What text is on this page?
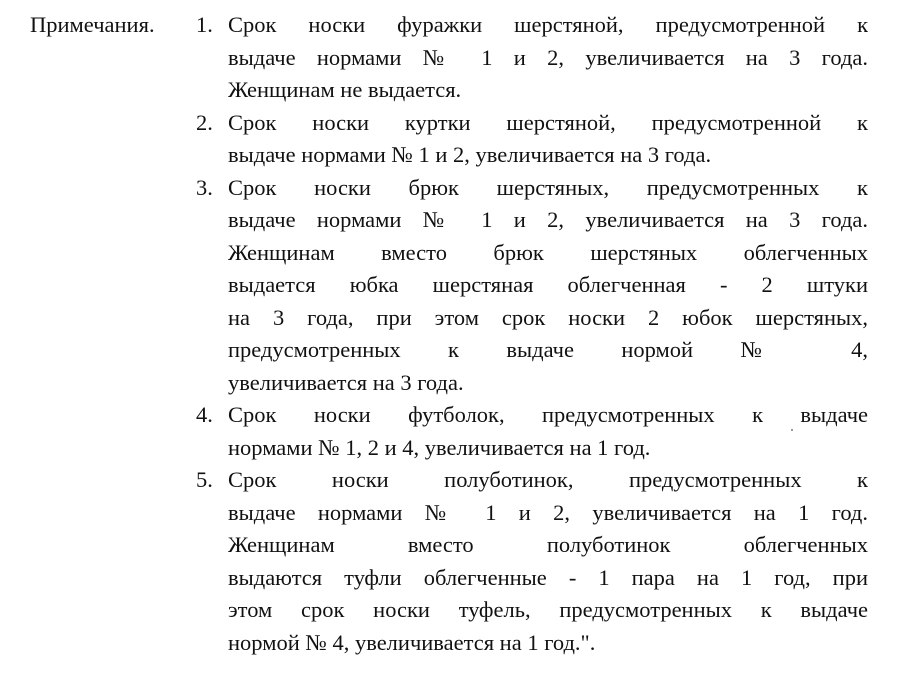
Примечания. 1. Срок носки фуражки шерстяной, предусмотренной к
выдаче нормами № 1 и 2, увеличивается на 3 года.
Женщинам не выдается.
2. Срок носки куртки шерстяной, предусмотренной к
выдаче нормами № 1 и 2, увеличивается на 3 года.
3. Срок носки брюк шерстяных, предусмотренных к
выдаче нормами № 1 и 2, увеличивается на 3 года.
Женщинам вместо брюк шерстяных облегченных
выдается юбка шерстяная облегченная - 2 штуки
на 3 года, при этом срок носки 2 юбок шерстяных,
предусмотренных к выдаче нормой № 4,
увеличивается на 3 года.
4. Срок носки футболок, предусмотренных к выдаче
нормами № 1, 2 и 4, увеличивается на 1 год.
5. Срок носки полуботинок, предусмотренных к
выдаче нормами № 1 и 2, увеличивается на 1 год.
Женщинам вместо полуботинок облегченных
выдаются туфли облегченные - 1 пара на 1 год, при
этом срок носки туфель, предусмотренных к выдаче
нормой № 4, увеличивается на 1 год.".
